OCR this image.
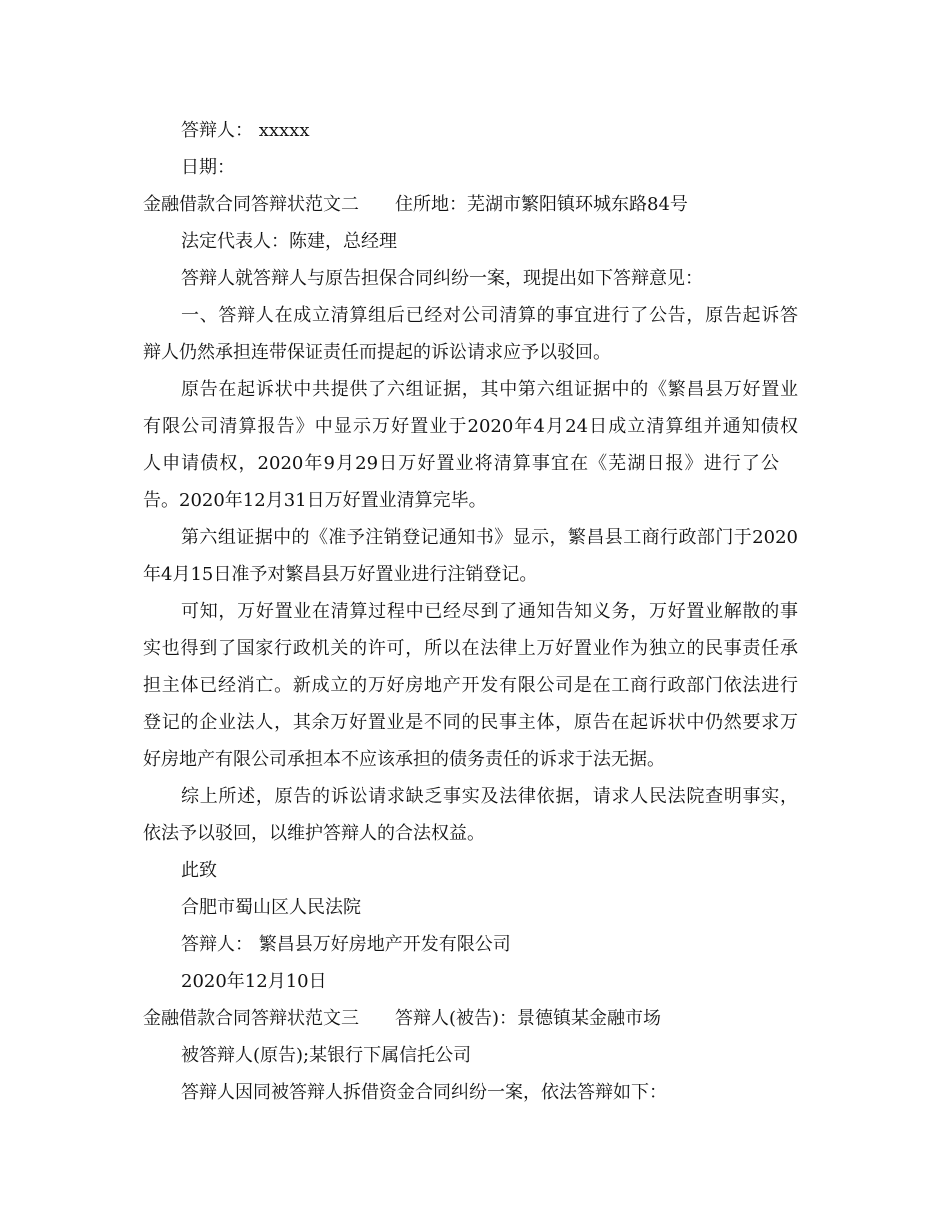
答辩人： xxxxx
日期：
金融借款合同答辩状范文二　　住所地：芜湖市繁阳镇环城东路84号
法定代表人：陈建，总经理
答辩人就答辩人与原告担保合同纠纷一案，现提出如下答辩意见：
一、答辩人在成立清算组后已经对公司清算的事宜进行了公告，原告起诉答
辩人仍然承担连带保证责任而提起的诉讼请求应予以驳回。
原告在起诉状中共提供了六组证据，其中第六组证据中的《繁昌县万好置业
有限公司清算报告》中显示万好置业于2020年4月24日成立清算组并通知债权
人申请债权，2020年9月29日万好置业将清算事宜在《芜湖日报》进行了公
告。2020年12月31日万好置业清算完毕。
第六组证据中的《准予注销登记通知书》显示，繁昌县工商行政部门于2020
年4月15日准予对繁昌县万好置业进行注销登记。
可知，万好置业在清算过程中已经尽到了通知告知义务，万好置业解散的事
实也得到了国家行政机关的许可，所以在法律上万好置业作为独立的民事责任承
担主体已经消亡。新成立的万好房地产开发有限公司是在工商行政部门依法进行
登记的企业法人，其余万好置业是不同的民事主体，原告在起诉状中仍然要求万
好房地产有限公司承担本不应该承担的债务责任的诉求于法无据。
综上所述，原告的诉讼请求缺乏事实及法律依据，请求人民法院查明事实，
依法予以驳回，以维护答辩人的合法权益。
此致
合肥市蜀山区人民法院
答辩人： 繁昌县万好房地产开发有限公司
2020年12月10日
金融借款合同答辩状范文三　　答辩人(被告)：景德镇某金融市场
被答辩人(原告);某银行下属信托公司
答辩人因同被答辩人拆借资金合同纠纷一案，依法答辩如下：
